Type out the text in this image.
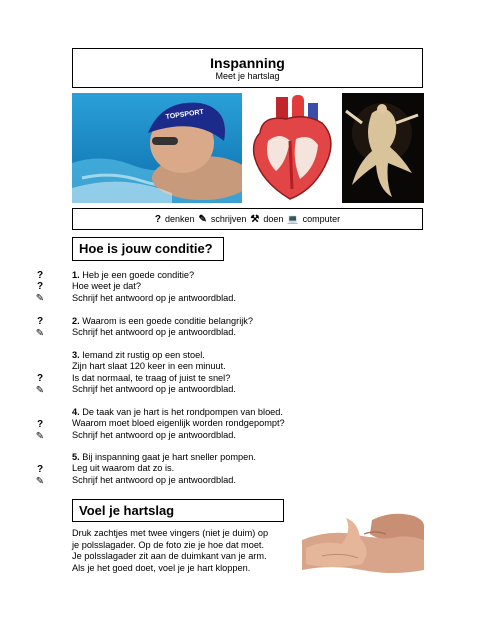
Inspanning
Meet je hartslag
TOPSPORT
? denken ✎ schrijven ⚒ doen 💻 computer
Hoe is jouw conditie?
?
?
✎
1. Heb je een goede conditie?
Hoe weet je dat?
Schrijf het antwoord op je antwoordblad.
?
✎
2. Waarom is een goede conditie belangrijk?
Schrijf het antwoord op je antwoordblad.
?
✎
3. Iemand zit rustig op een stoel.
Zijn hart slaat 120 keer in een minuut.
Is dat normaal, te traag of juist te snel?
Schrijf het antwoord op je antwoordblad.
?
✎
4. De taak van je hart is het rondpompen van bloed.
Waarom moet bloed eigenlijk worden rondgepompt?
Schrijf het antwoord op je antwoordblad.
?
✎
5. Bij inspanning gaat je hart sneller pompen.
Leg uit waarom dat zo is.
Schrijf het antwoord op je antwoordblad.
Voel je hartslag
Druk zachtjes met twee vingers (niet je duim) op
je polsslagader. Op de foto zie je hoe dat moet.
Je polsslagader zit aan de duimkant van je arm.
Als je het goed doet, voel je je hart kloppen.
